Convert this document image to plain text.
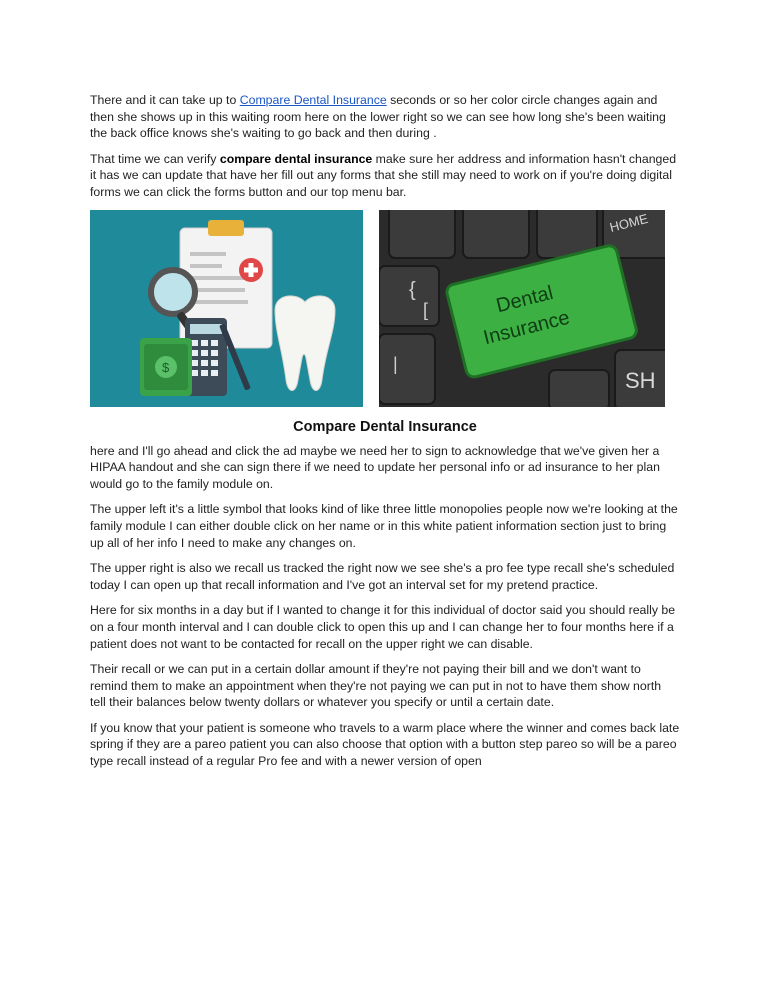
There and it can take up to Compare Dental Insurance seconds or so her color circle changes again and then she shows up in this waiting room here on the lower right so we can see how long she's been waiting the back office knows she's waiting to go back and then during .

That time we can verify compare dental insurance make sure her address and information hasn't changed it has we can update that have her fill out any forms that she still may need to work on if you're doing digital forms we can click the forms button and our top menu bar.

$
HOME
SH
{
[
|
Dental
Insurance
Compare Dental Insurance

here and I'll go ahead and click the ad maybe we need her to sign to acknowledge that we've given her a HIPAA handout and she can sign there if we need to update her personal info or ad insurance to her plan would go to the family module on.

The upper left it's a little symbol that looks kind of like three little monopolies people now we're looking at the family module I can either double click on her name or in this white patient information section just to bring up all of her info I need to make any changes on.

The upper right is also we recall us tracked the right now we see she's a pro fee type recall she's scheduled today I can open up that recall information and I've got an interval set for my pretend practice.

Here for six months in a day but if I wanted to change it for this individual of doctor said you should really be on a four month interval and I can double click to open this up and I can change her to four months here if a patient does not want to be contacted for recall on the upper right we can disable.

Their recall or we can put in a certain dollar amount if they're not paying their bill and we don't want to remind them to make an appointment when they're not paying we can put in not to have them show north tell their balances below twenty dollars or whatever you specify or until a certain date.

If you know that your patient is someone who travels to a warm place where the winner and comes back late spring if they are a pareo patient you can also choose that option with a button step pareo so will be a pareo type recall instead of a regular Pro fee and with a newer version of open
